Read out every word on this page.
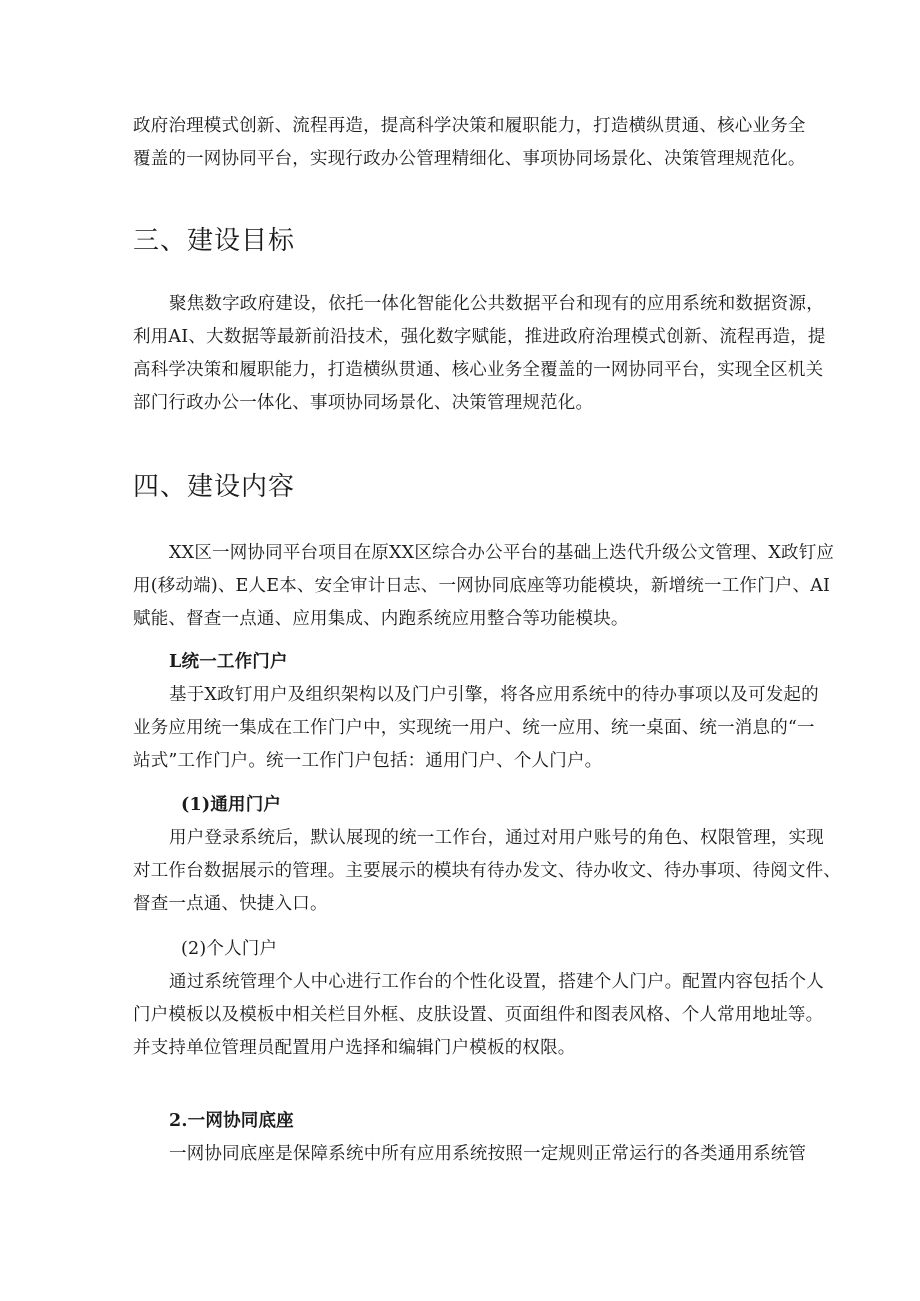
政府治理模式创新、流程再造，提高科学决策和履职能力，打造横纵贯通、核心业务全
覆盖的一网协同平台，实现行政办公管理精细化、事项协同场景化、决策管理规范化。
三、建设目标
聚焦数字政府建设，依托一体化智能化公共数据平台和现有的应用系统和数据资源，
利用AI、大数据等最新前沿技术，强化数字赋能，推进政府治理模式创新、流程再造，提
高科学决策和履职能力，打造横纵贯通、核心业务全覆盖的一网协同平台，实现全区机关
部门行政办公一体化、事项协同场景化、决策管理规范化。
四、建设内容
XX区一网协同平台项目在原XX区综合办公平台的基础上迭代升级公文管理、X政钉应
用(移动端)、E人E本、安全审计日志、一网协同底座等功能模块，新增统一工作门户、AI
赋能、督查一点通、应用集成、内跑系统应用整合等功能模块。
L统一工作门户
基于X政钉用户及组织架构以及门户引擎，将各应用系统中的待办事项以及可发起的
业务应用统一集成在工作门户中，实现统一用户、统一应用、统一桌面、统一消息的“一
站式”工作门户。统一工作门户包括：通用门户、个人门户。
(1)通用门户
用户登录系统后，默认展现的统一工作台，通过对用户账号的角色、权限管理，实现
对工作台数据展示的管理。主要展示的模块有待办发文、待办收文、待办事项、待阅文件、
督查一点通、快捷入口。
(2)个人门户
通过系统管理个人中心进行工作台的个性化设置，搭建个人门户。配置内容包括个人
门户模板以及模板中相关栏目外框、皮肤设置、页面组件和图表风格、个人常用地址等。
并支持单位管理员配置用户选择和编辑门户模板的权限。
2.一网协同底座
一网协同底座是保障系统中所有应用系统按照一定规则正常运行的各类通用系统管
